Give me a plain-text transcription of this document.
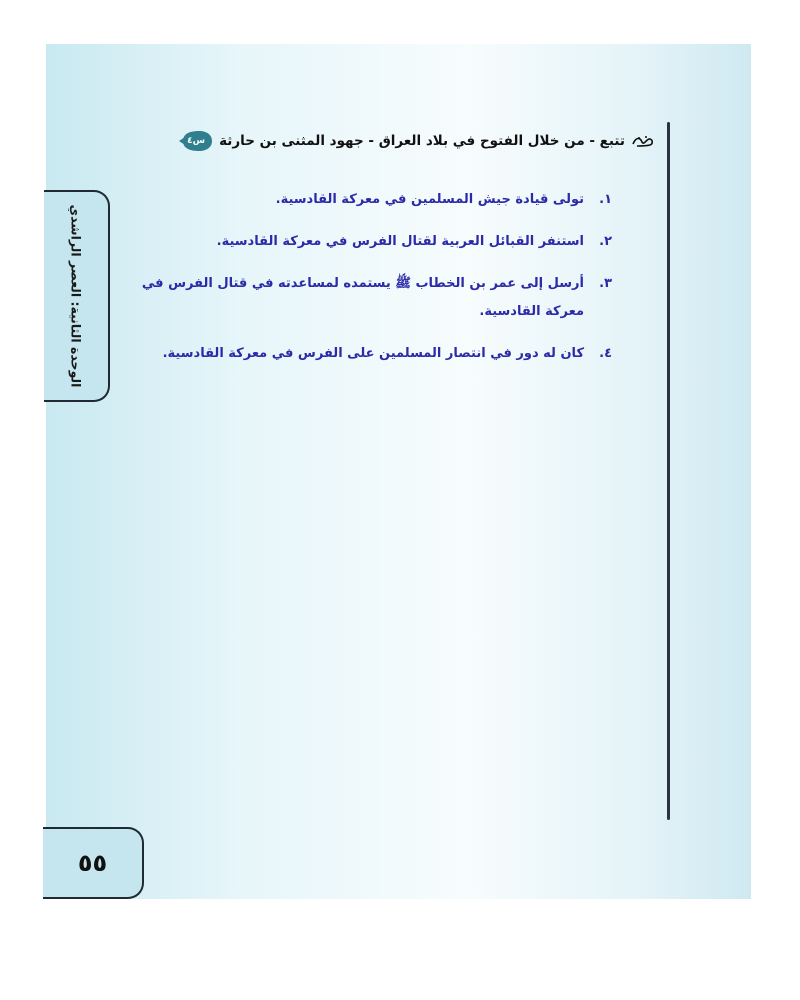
س٤	تتبع - من خلال الفتوح في بلاد العراق - جهود المثنى بن حارثة
١.
تولى قيادة جيش المسلمين في معركة القادسية.
٢.
استنفر القبائل العربية لقتال الفرس في معركة القادسية.
٣.
أرسل إلى عمر بن الخطاب ﷺ يستمده لمساعدته في قتال الفرس في معركة القادسية.
٤.
كان له دور في انتصار المسلمين على الفرس في معركة القادسية.
الوحدة الثانية: العصر الراشدي
٥٥
